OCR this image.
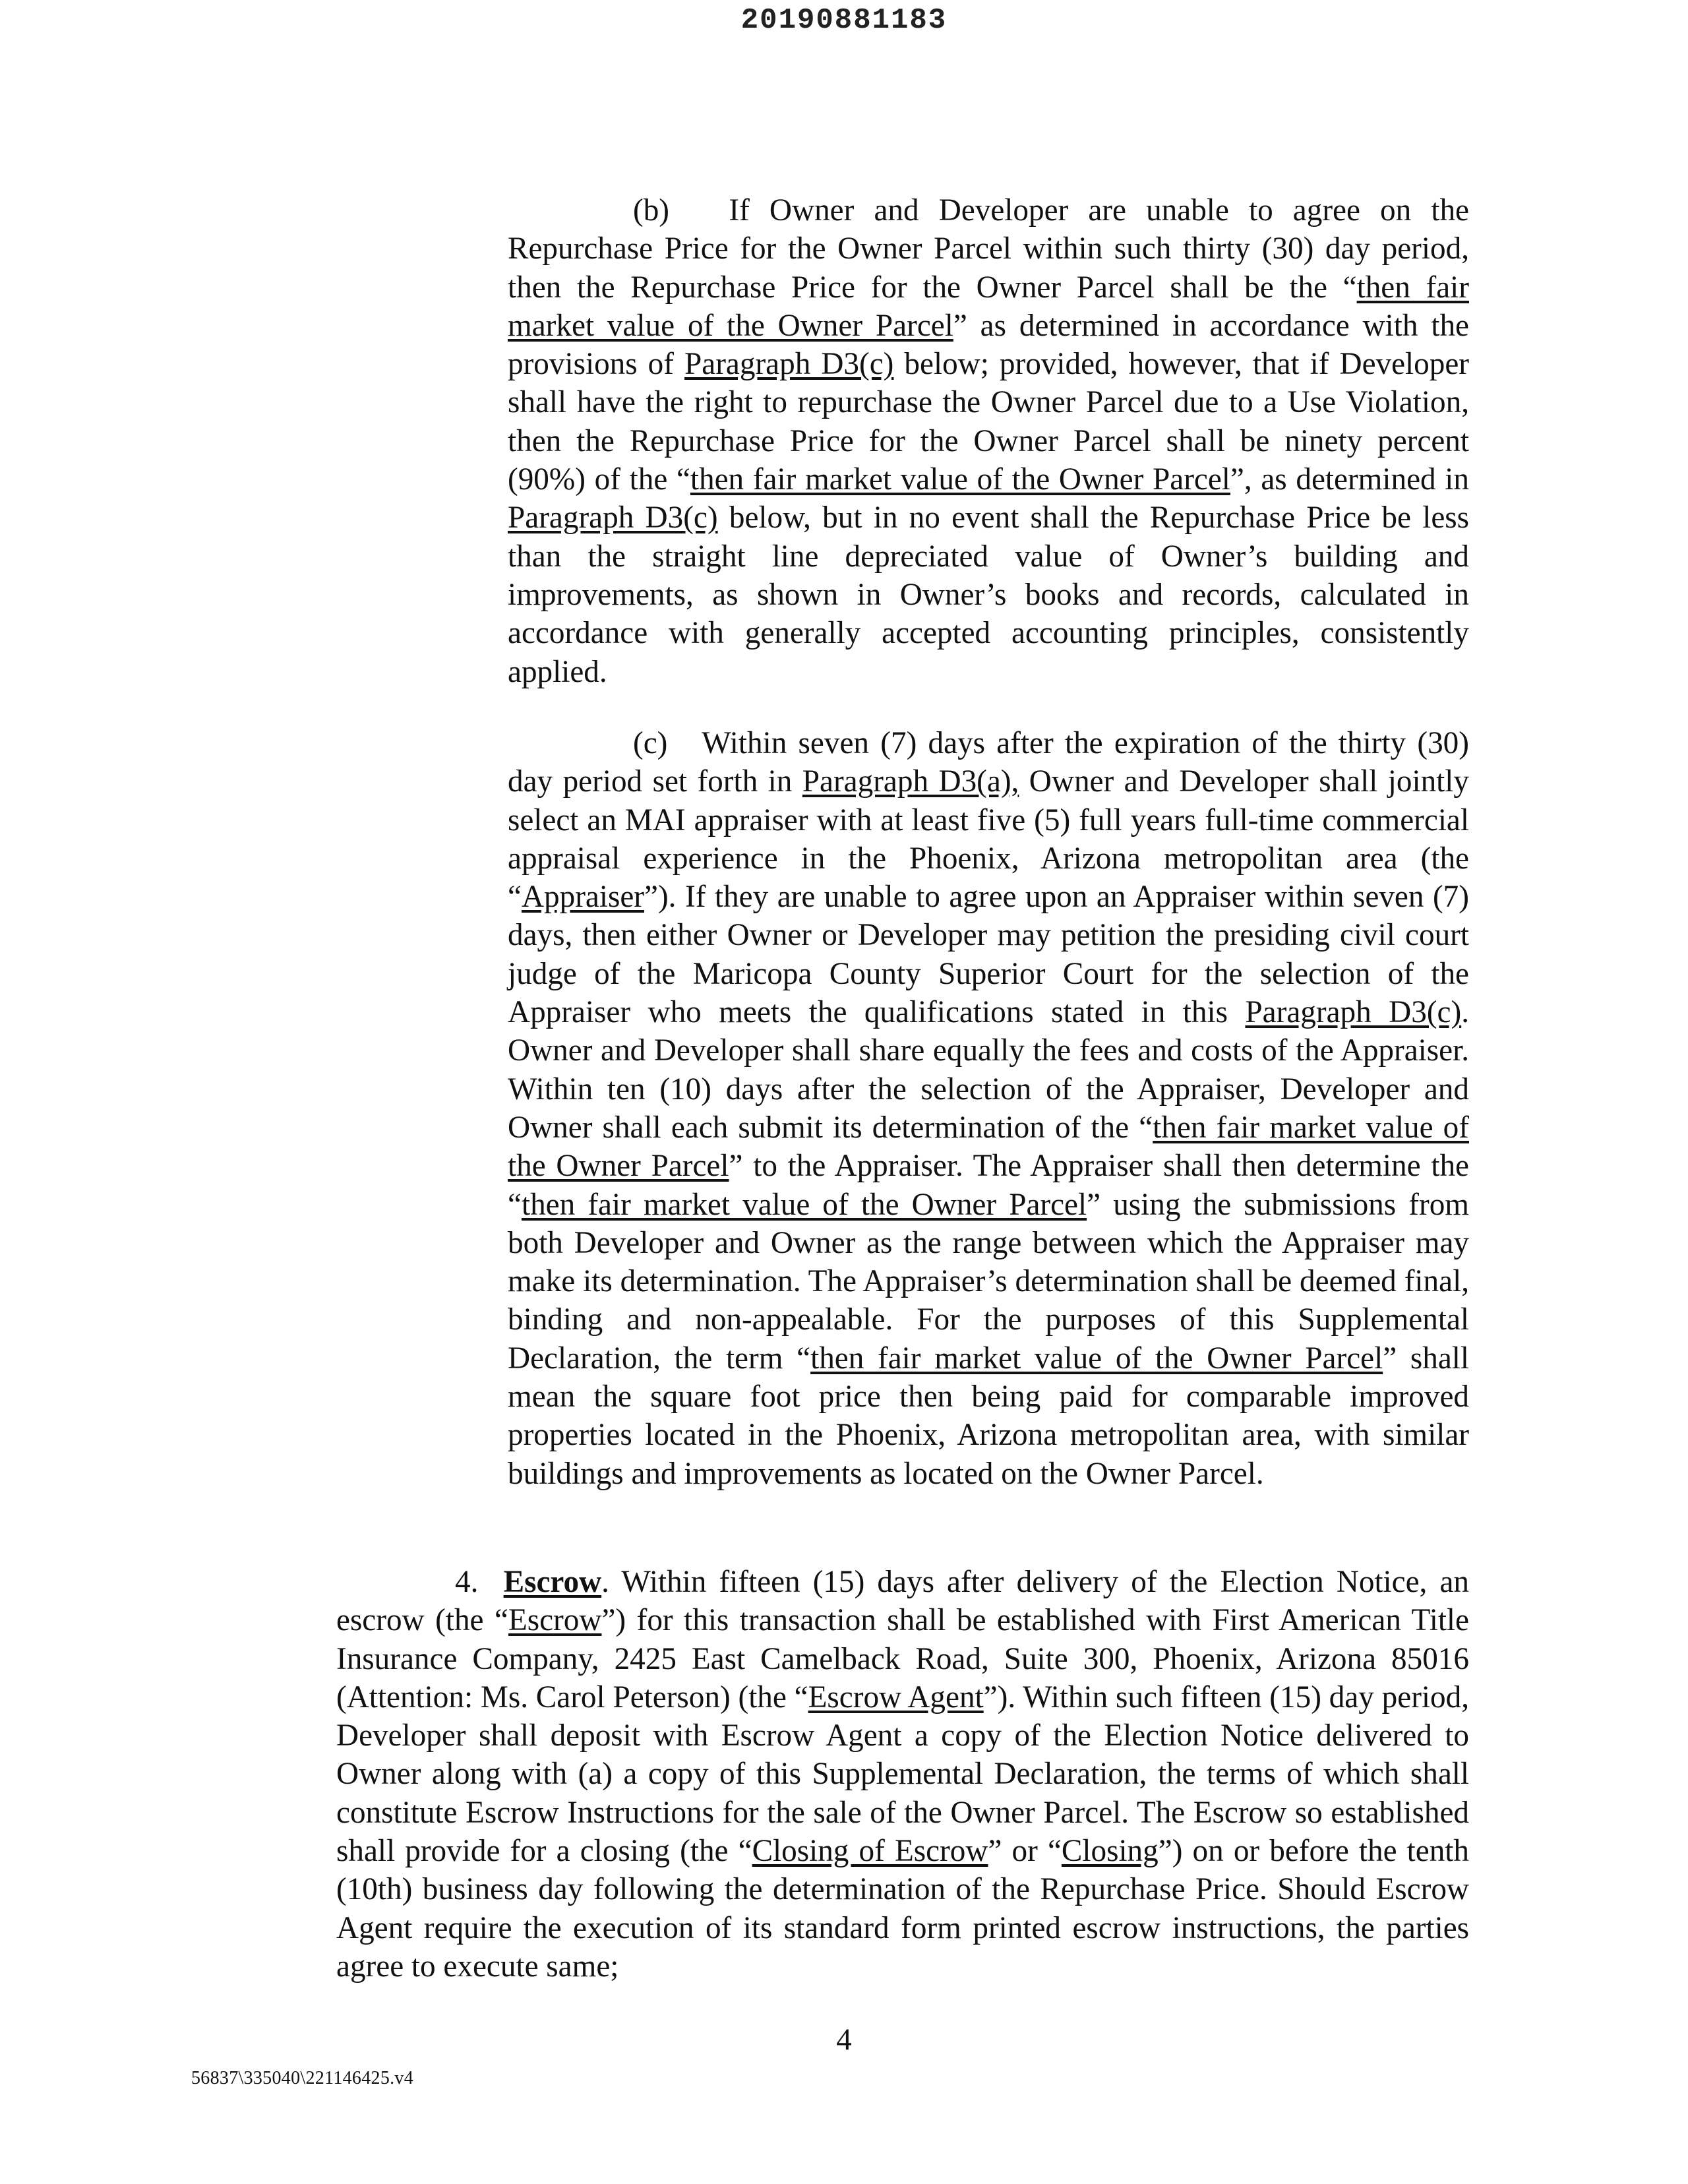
20190881183

(b) If Owner and Developer are unable to agree on the Repurchase Price for the Owner Parcel within such thirty (30) day period, then the Repurchase Price for the Owner Parcel shall be the “then fair market value of the Owner Parcel” as determined in accordance with the provisions of Paragraph D3(c) below; provided, however, that if Developer shall have the right to repurchase the Owner Parcel due to a Use Violation, then the Repurchase Price for the Owner Parcel shall be ninety percent (90%) of the “then fair market value of the Owner Parcel”, as determined in Paragraph D3(c) below, but in no event shall the Repurchase Price be less than the straight line depreciated value of Owner’s building and improvements, as shown in Owner’s books and records, calculated in accordance with generally accepted accounting principles, consistently applied.

(c) Within seven (7) days after the expiration of the thirty (30) day period set forth in Paragraph D3(a), Owner and Developer shall jointly select an MAI appraiser with at least five (5) full years full-time commercial appraisal experience in the Phoenix, Arizona metropolitan area (the “Appraiser”). If they are unable to agree upon an Appraiser within seven (7) days, then either Owner or Developer may petition the presiding civil court judge of the Maricopa County Superior Court for the selection of the Appraiser who meets the qualifications stated in this Paragraph D3(c). Owner and Developer shall share equally the fees and costs of the Appraiser. Within ten (10) days after the selection of the Appraiser, Developer and Owner shall each submit its determination of the “then fair market value of the Owner Parcel” to the Appraiser. The Appraiser shall then determine the “then fair market value of the Owner Parcel” using the submissions from both Developer and Owner as the range between which the Appraiser may make its determination. The Appraiser’s determination shall be deemed final, binding and non-appealable. For the purposes of this Supplemental Declaration, the term “then fair market value of the Owner Parcel” shall mean the square foot price then being paid for comparable improved properties located in the Phoenix, Arizona metropolitan area, with similar buildings and improvements as located on the Owner Parcel.

4. Escrow. Within fifteen (15) days after delivery of the Election Notice, an escrow (the “Escrow”) for this transaction shall be established with First American Title Insurance Company, 2425 East Camelback Road, Suite 300, Phoenix, Arizona 85016 (Attention: Ms. Carol Peterson) (the “Escrow Agent”). Within such fifteen (15) day period, Developer shall deposit with Escrow Agent a copy of the Election Notice delivered to Owner along with (a) a copy of this Supplemental Declaration, the terms of which shall constitute Escrow Instructions for the sale of the Owner Parcel. The Escrow so established shall provide for a closing (the “Closing of Escrow” or “Closing”) on or before the tenth (10th) business day following the determination of the Repurchase Price. Should Escrow Agent require the execution of its standard form printed escrow instructions, the parties agree to execute same;

4
56837\335040\221146425.v4
